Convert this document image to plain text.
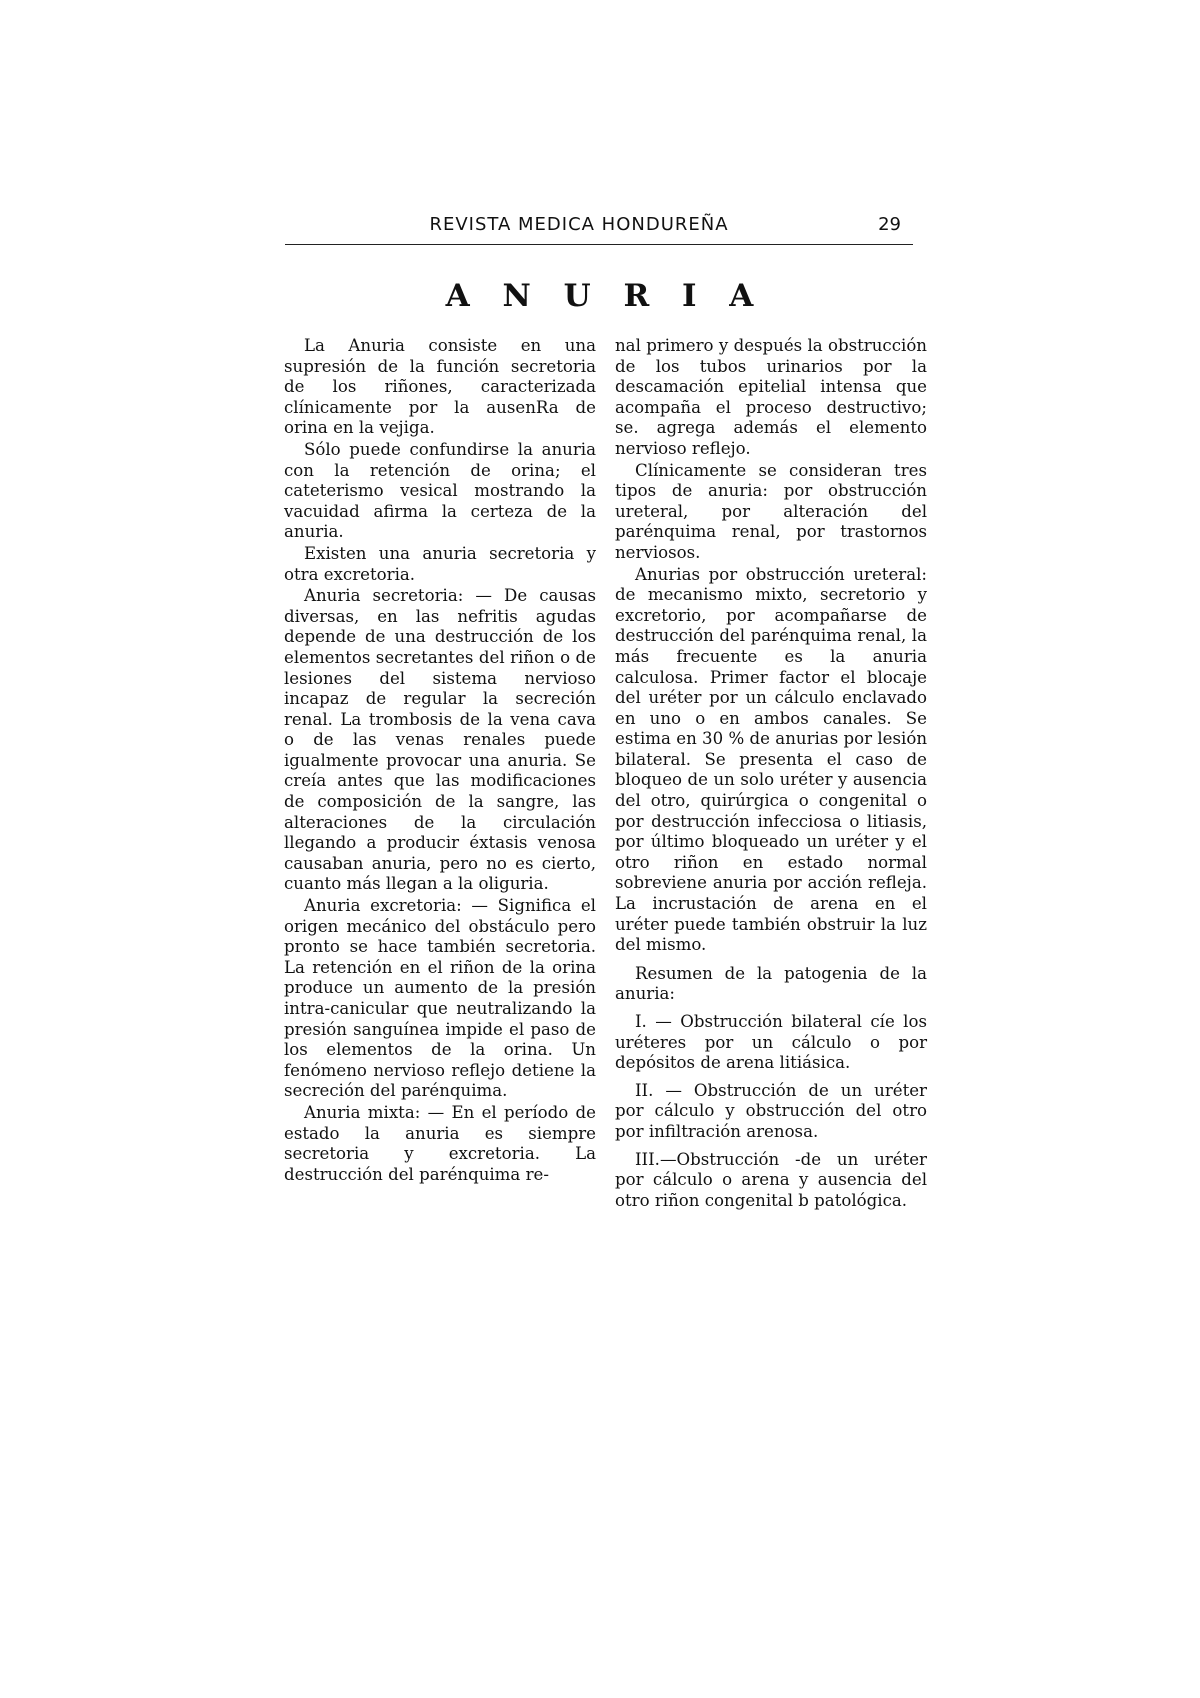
REVISTA MEDICA HONDUREÑA	29
A N U R I A

La Anuria consiste en una supresión de la función secretoria de los riñones, caracterizada clínicamente por la ausenRa de orina en la vejiga.

Sólo puede confundirse la anuria con la retención de orina; el cateterismo vesical mostrando la vacuidad afirma la certeza de la anuria.

Existen una anuria secretoria y otra excretoria.

Anuria secretoria: — De causas diversas, en las nefritis agudas depende de una destrucción de los elementos secretantes del riñon o de lesiones del sistema nervioso incapaz de regular la secreción renal. La trombosis de la vena cava o de las venas renales puede igualmente provocar una anuria. Se creía antes que las modificaciones de composición de la sangre, las alteraciones de la circulación llegando a producir éxtasis venosa causaban anuria, pero no es cierto, cuanto más llegan a la oliguria.

Anuria excretoria: — Significa el origen mecánico del obstáculo pero pronto se hace también secretoria. La retención en el riñon de la orina produce un aumento de la presión intra-canicular que neutralizando la presión sanguínea impide el paso de los elementos de la orina. Un fenómeno nervioso reflejo detiene la secreción del parénquima.

Anuria mixta: — En el período de estado la anuria es siempre secretoria y excretoria. La destrucción del parénquima re-

nal primero y después la obstrucción de los tubos urinarios por la descamación epitelial intensa que acompaña el proceso destructivo; se. agrega además el elemento nervioso reflejo.

Clínicamente se consideran tres tipos de anuria: por obstrucción ureteral, por alteración del parénquima renal, por trastornos nerviosos.

Anurias por obstrucción ureteral: de mecanismo mixto, secretorio y excretorio, por acompañarse de destrucción del parénquima renal, la más frecuente es la anuria calculosa. Primer factor el blocaje del uréter por un cálculo enclavado en uno o en ambos canales. Se estima en 30 % de anurias por lesión bilateral. Se presenta el caso de bloqueo de un solo uréter y ausencia del otro, quirúrgica o congenital o por destrucción infecciosa o litiasis, por último bloqueado un uréter y el otro riñon en estado normal sobreviene anuria por acción refleja. La incrustación de arena en el uréter puede también obstruir la luz del mismo.

Resumen de la patogenia de la anuria:

I. — Obstrucción bilateral cíe los uréteres por un cálculo o por depósitos de arena litiásica.

II. — Obstrucción de un uréter por cálculo y obstrucción del otro por infiltración arenosa.

III.—Obstrucción -de un uréter por cálculo o arena y ausencia del otro riñon congenital b patológica.
